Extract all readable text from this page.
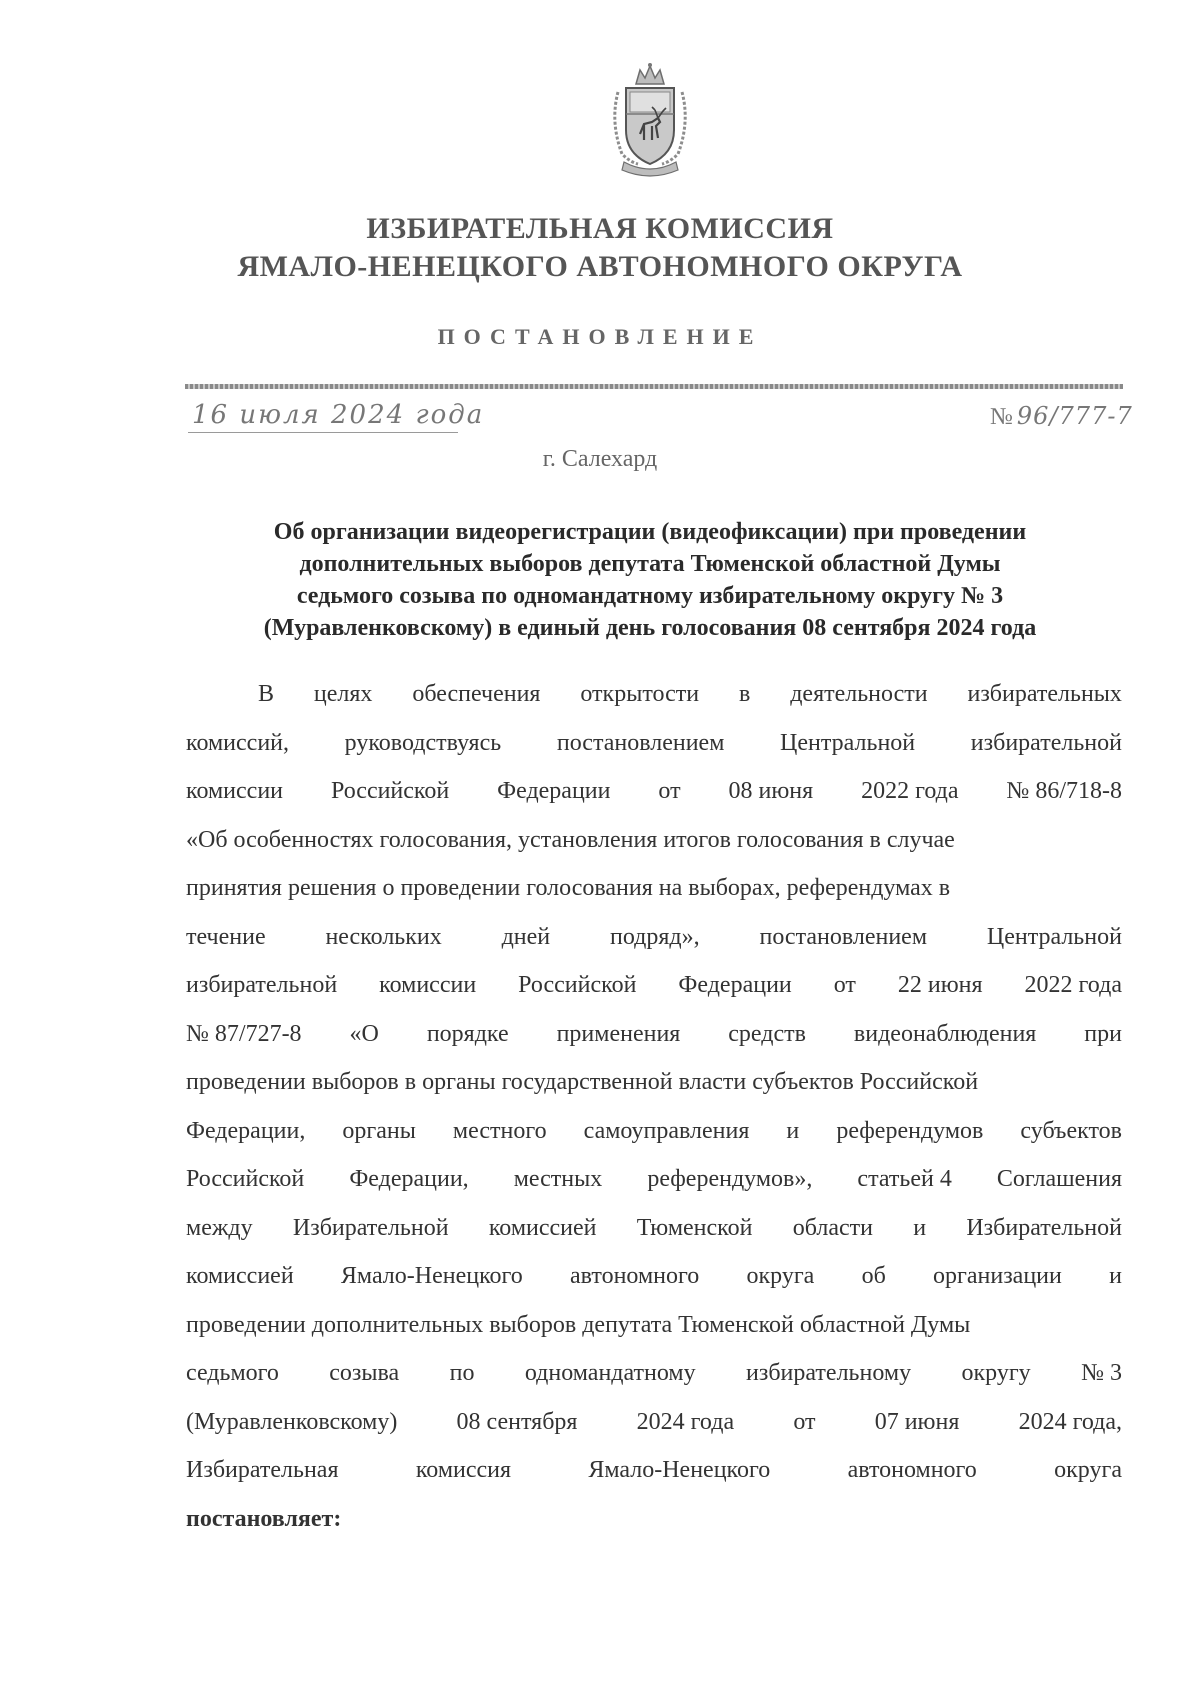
ИЗБИРАТЕЛЬНАЯ КОМИССИЯ
ЯМАЛО-НЕНЕЦКОГО АВТОНОМНОГО ОКРУГА
ПОСТАНОВЛЕНИЕ
16 июля 2024 года	№ 96/777-7
г. Салехард
Об организации видеорегистрации (видеофиксации) при проведении
дополнительных выборов депутата Тюменской областной Думы
седьмого созыва по одномандатному избирательному округу № 3
(Муравленковскому) в единый день голосования 08 сентября 2024 года
В целях обеспечения открытости в деятельности избирательных
комиссий, руководствуясь постановлением Центральной избирательной
комиссии Российской Федерации от 08 июня 2022 года № 86/718-8
«Об особенностях голосования, установления итогов голосования в случае
принятия решения о проведении голосования на выборах, референдумах в
течение нескольких дней подряд», постановлением Центральной
избирательной комиссии Российской Федерации от 22 июня 2022 года
№ 87/727-8 «О порядке применения средств видеонаблюдения при
проведении выборов в органы государственной власти субъектов Российской
Федерации, органы местного самоуправления и референдумов субъектов
Российской Федерации, местных референдумов», статьей 4 Соглашения
между Избирательной комиссией Тюменской области и Избирательной
комиссией Ямало-Ненецкого автономного округа об организации и
проведении дополнительных выборов депутата Тюменской областной Думы
седьмого созыва по одномандатному избирательному округу № 3
(Муравленковскому) 08 сентября 2024 года от 07 июня 2024 года,
Избирательная	комиссия	Ямало-Ненецкого	автономного	округа
постановляет:
